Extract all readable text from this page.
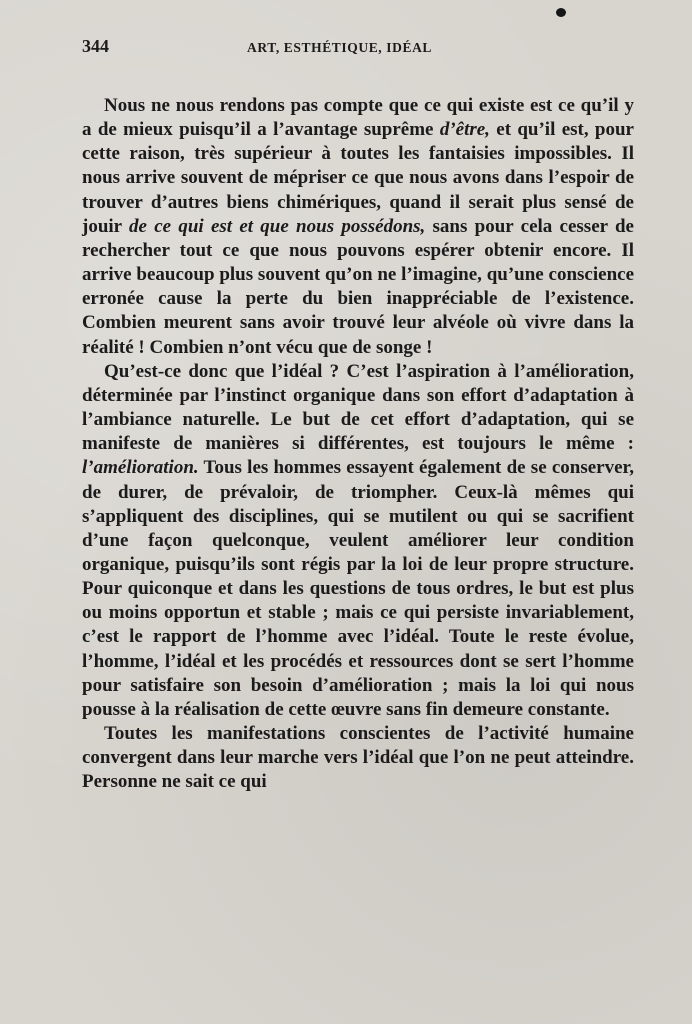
344	ART, ESTHÉTIQUE, IDÉAL

Nous ne nous rendons pas compte que ce qui existe est ce qu’il y a de mieux puisqu’il a l’avantage suprême d’être, et qu’il est, pour cette raison, très supérieur à toutes les fantaisies impossibles. Il nous arrive souvent de mépriser ce que nous avons dans l’espoir de trouver d’autres biens chimériques, quand il serait plus sensé de jouir de ce qui est et que nous possédons, sans pour cela cesser de rechercher tout ce que nous pouvons espérer obtenir encore. Il arrive beaucoup plus souvent qu’on ne l’imagine, qu’une conscience erronée cause la perte du bien inappréciable de l’existence. Combien meurent sans avoir trouvé leur alvéole où vivre dans la réalité ! Combien n’ont vécu que de songe !

Qu’est-ce donc que l’idéal ? C’est l’aspiration à l’amélioration, déterminée par l’instinct organique dans son effort d’adaptation à l’ambiance naturelle. Le but de cet effort d’adaptation, qui se manifeste de manières si différentes, est toujours le même : l’amélioration. Tous les hommes essayent également de se conserver, de durer, de prévaloir, de triompher. Ceux-là mêmes qui s’appliquent des disciplines, qui se mutilent ou qui se sacrifient d’une façon quelconque, veulent améliorer leur condition organique, puisqu’ils sont régis par la loi de leur propre structure. Pour quiconque et dans les questions de tous ordres, le but est plus ou moins opportun et stable ; mais ce qui persiste invariablement, c’est le rapport de l’homme avec l’idéal. Toute le reste évolue, l’homme, l’idéal et les procédés et ressources dont se sert l’homme pour satisfaire son besoin d’amélioration ; mais la loi qui nous pousse à la réalisation de cette œuvre sans fin demeure constante.

Toutes les manifestations conscientes de l’activité humaine convergent dans leur marche vers l’idéal que l’on ne peut atteindre. Personne ne sait ce qui
